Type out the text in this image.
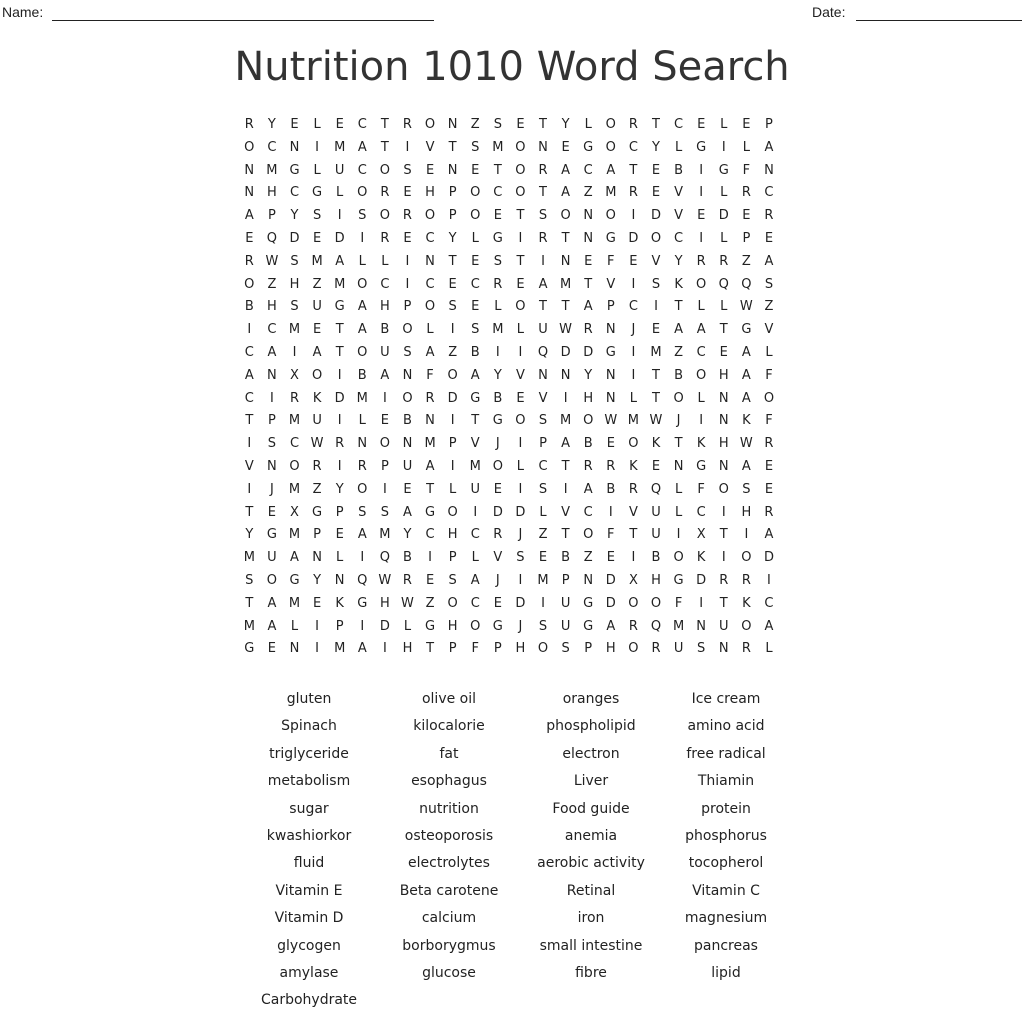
Name:	Date:
Nutrition 1010 Word Search
R	Y	E	L	E	C	T	R O N	Z	S	E	T	Y	L	O R	T	C	E	L	E	P
O C	N	I	M A	T	I	V	T	S M O N	E	G O C	Y	L	G	I	L	A
N M G	L	U	C O	S	E	N	E	T	O R	A	C	A	T	E	B	I	G	F	N
N H	C	G	L	O R	E	H	P	O C O	T	A	Z M R	E	V	I	L	R	C
A	P	Y	S	I	S	O R O	P	O	E	T	S	O N O	I	D	V	E	D	E	R
E	Q D	E	D	I	R	E	C	Y	L	G	I	R	T	N G D O C	I	L	P	E
R W S M A	L	L	I	N	T	E	S	T	I	N	E	F	E	V	Y	R	R	Z	A
O	Z	H	Z M O C	I	C	E	C	R	E	A M	T	V	I	S	K	O Q Q	S
B	H	S	U G	A	H	P	O	S	E	L	O	T	T	A	P	C	I	T	L	L W Z
I	C M E	T	A	B	O	L	I	S M	L	U W R	N	J	E	A	A	T	G	V
C	A	I	A	T	O U	S	A	Z	B	I	I	Q D D G	I	M Z	C	E	A	L
A	N	X	O	I	B	A	N	F	O	A	Y	V	N N	Y	N	I	T	B	O H	A	F
C	I	R	K	D M	I	O R	D G	B	E	V	I	H N	L	T	O	L	N	A	O
T	P	M U	I	L	E	B	N	I	T	G O	S M O W M W	J	I	N	K	F
I	S	C W R	N O N M	P	V	J	I	P	A	B	E	O	K	T	K	H W R
V	N O R	I	R	P	U	A	I	M O	L	C	T	R	R	K	E	N G N	A	E
I	J	M Z	Y	O	I	E	T	L	U	E	I	S	I	A	B	R Q	L	F	O	S	E
T	E	X	G	P	S	S	A	G O	I	D D	L	V	C	I	V	U	L	C	I	H	R
Y	G M	P	E	A M	Y	C	H	C	R	J	Z	T	O	F	T	U	I	X	T	I	A
M U	A	N	L	I	Q	B	I	P	L	V	S	E	B	Z	E	I	B	O	K	I	O D
S	O G	Y	N Q W R	E	S	A	J	I	M	P	N D	X	H G D	R	R	I
T	A M E	K	G H W Z	O C	E	D	I	U G D O O	F	I	T	K	C
M A	L	I	P	I	D	L	G H O G	J	S	U G	A	R Q M N U O	A
G	E	N	I	M A	I	H	T	P	F	P	H O	S	P	H O R	U	S	N	R	L
gluten	olive oil	oranges	Ice cream
Spinach	kilocalorie	phospholipid	amino acid
triglyceride	fat	electron	free radical
metabolism	esophagus	Liver	Thiamin
sugar	nutrition	Food guide	protein
kwashiorkor	osteoporosis	anemia	phosphorus
fluid	electrolytes	aerobic activity	tocopherol
Vitamin E	Beta carotene	Retinal	Vitamin C
Vitamin D	calcium	iron	magnesium
glycogen	borborygmus	small intestine	pancreas
amylase	glucose	fibre	lipid
Carbohydrate
